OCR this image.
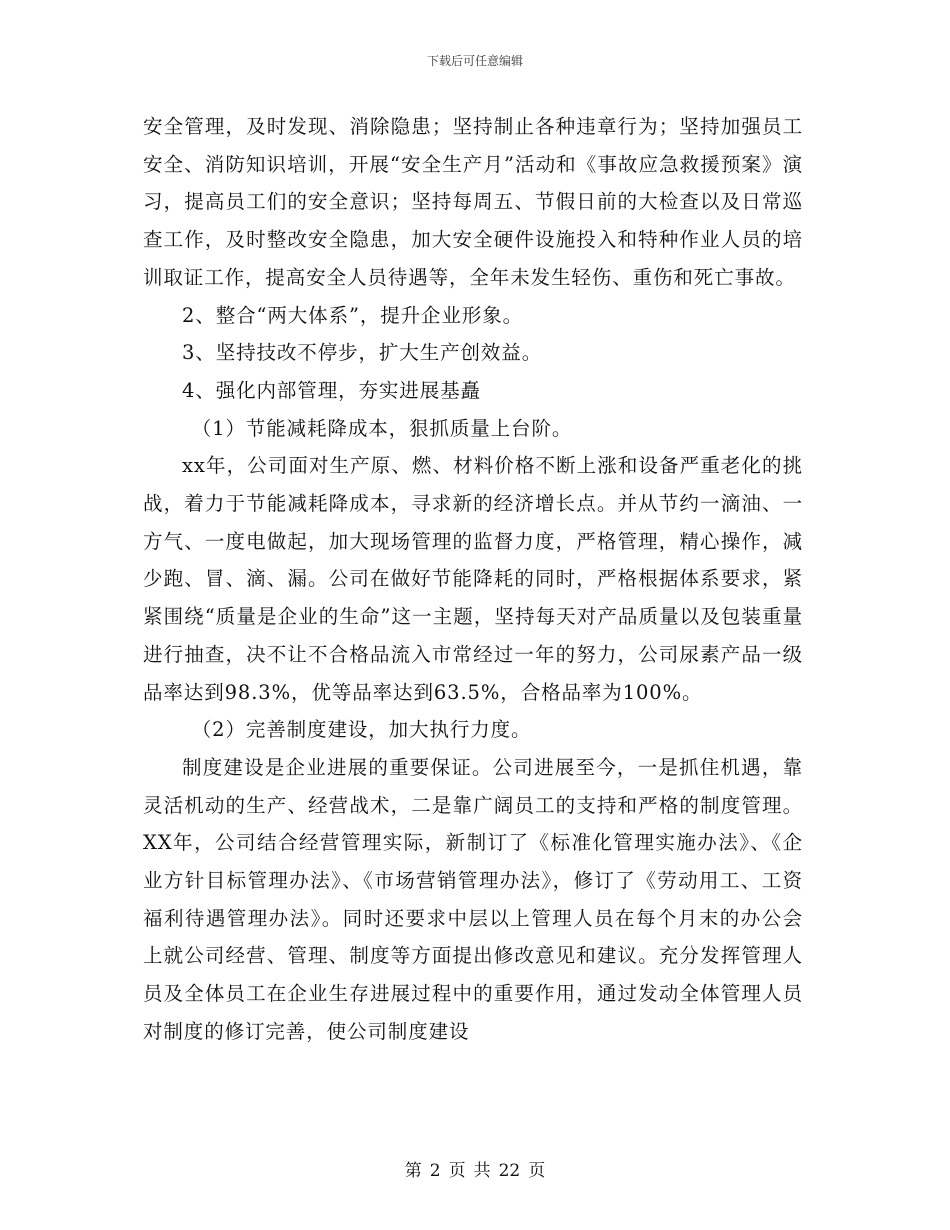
下载后可任意编辑

安全管理，及时发现、消除隐患；坚持制止各种违章行为；坚持加强员工安全、消防知识培训，开展“安全生产月”活动和《事故应急救援预案》演习，提高员工们的安全意识；坚持每周五、节假日前的大检查以及日常巡查工作，及时整改安全隐患，加大安全硬件设施投入和特种作业人员的培训取证工作，提高安全人员待遇等，全年未发生轻伤、重伤和死亡事故。

2、整合“两大体系”，提升企业形象。

3、坚持技改不停步，扩大生产创效益。

4、强化内部管理，夯实进展基矗

（1）节能减耗降成本，狠抓质量上台阶。

xx年，公司面对生产原、燃、材料价格不断上涨和设备严重老化的挑战，着力于节能减耗降成本，寻求新的经济增长点。并从节约一滴油、一方气、一度电做起，加大现场管理的监督力度，严格管理，精心操作，减少跑、冒、滴、漏。公司在做好节能降耗的同时，严格根据体系要求，紧紧围绕“质量是企业的生命”这一主题，坚持每天对产品质量以及包装重量进行抽查，决不让不合格品流入市常经过一年的努力，公司尿素产品一级品率达到98.3%，优等品率达到63.5%，合格品率为100%。

（2）完善制度建设，加大执行力度。

制度建设是企业进展的重要保证。公司进展至今，一是抓住机遇，靠灵活机动的生产、经营战术，二是靠广阔员工的支持和严格的制度管理。XX年，公司结合经营管理实际，新制订了《标准化管理实施办法》、《企业方针目标管理办法》、《市场营销管理办法》，修订了《劳动用工、工资福利待遇管理办法》。同时还要求中层以上管理人员在每个月末的办公会上就公司经营、管理、制度等方面提出修改意见和建议。充分发挥管理人员及全体员工在企业生存进展过程中的重要作用，通过发动全体管理人员对制度的修订完善，使公司制度建设

第 2 页 共 22 页
